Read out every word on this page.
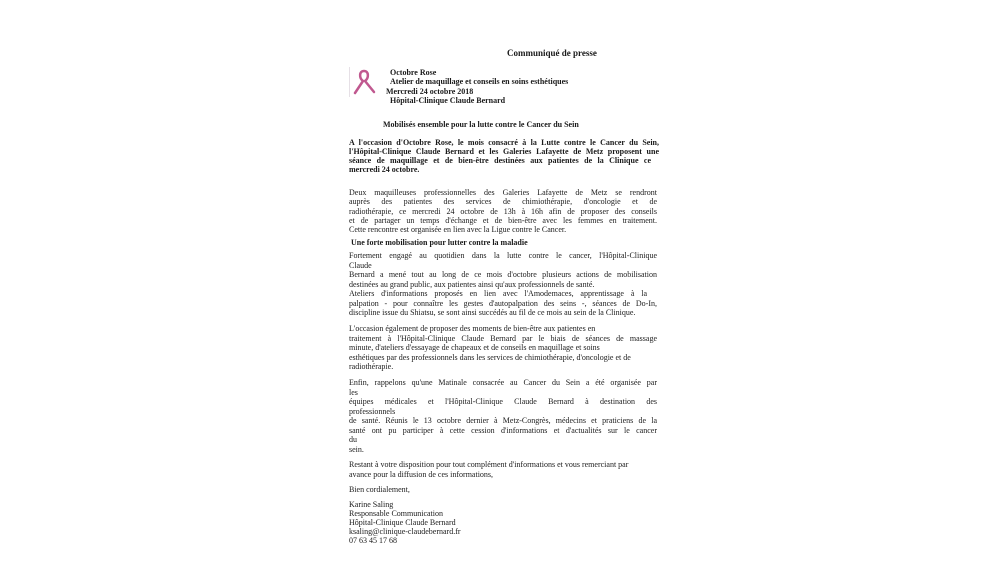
Communiqué de presse
Octobre Rose
Atelier de maquillage et conseils en soins esthétiques
Mercredi 24 octobre 2018
Hôpital-Clinique Claude Bernard
Mobilisés ensemble pour la lutte contre le Cancer du Sein
A l'occasion d'Octobre Rose, le mois consacré à la Lutte contre le Cancer du Sein,
l'Hôpital-Clinique Claude Bernard et les Galeries Lafayette de Metz proposent une
séance de maquillage et de bien-être destinées aux patientes de la Clinique ce
mercredi 24 octobre.
Deux maquilleuses professionnelles des Galeries Lafayette de Metz se rendront
auprès des patientes des services de chimiothérapie, d'oncologie et de
radiothérapie, ce mercredi 24 octobre de 13h à 16h afin de proposer des conseils
et de partager un temps d'échange et de bien-être avec les femmes en traitement.
Cette rencontre est organisée en lien avec la Ligue contre le Cancer.
Une forte mobilisation pour lutter contre la maladie
Fortement engagé au quotidien dans la lutte contre le cancer, l'Hôpital-Clinique
Claude
Bernard a mené tout au long de ce mois d'octobre plusieurs actions de mobilisation
destinées au grand public, aux patientes ainsi qu'aux professionnels de santé.
Ateliers d'informations proposés en lien avec l'Amodemaces, apprentissage à la
palpation - pour connaître les gestes d'autopalpation des seins -, séances de Do-In,
discipline issue du Shiatsu, se sont ainsi succédés au fil de ce mois au sein de la Clinique.
L'occasion également de proposer des moments de bien-être aux patientes en
traitement à l'Hôpital-Clinique Claude Bernard par le biais de séances de massage
minute, d'ateliers d'essayage de chapeaux et de conseils en maquillage et soins
esthétiques par des professionnels dans les services de chimiothérapie, d'oncologie et de
radiothérapie.
Enfin, rappelons qu'une Matinale consacrée au Cancer du Sein a été organisée par
les
équipes médicales et l'Hôpital-Clinique Claude Bernard à destination des
professionnels
de santé. Réunis le 13 octobre dernier à Metz-Congrès, médecins et praticiens de la
santé ont pu participer à cette cession d'informations et d'actualités sur le cancer
du
sein.
Restant à votre disposition pour tout complément d'informations et vous remerciant par
avance pour la diffusion de ces informations,
Bien cordialement,
Karine Saling
Responsable Communication
Hôpital-Clinique Claude Bernard
ksaling@clinique-claudebernard.fr
07 63 45 17 68
